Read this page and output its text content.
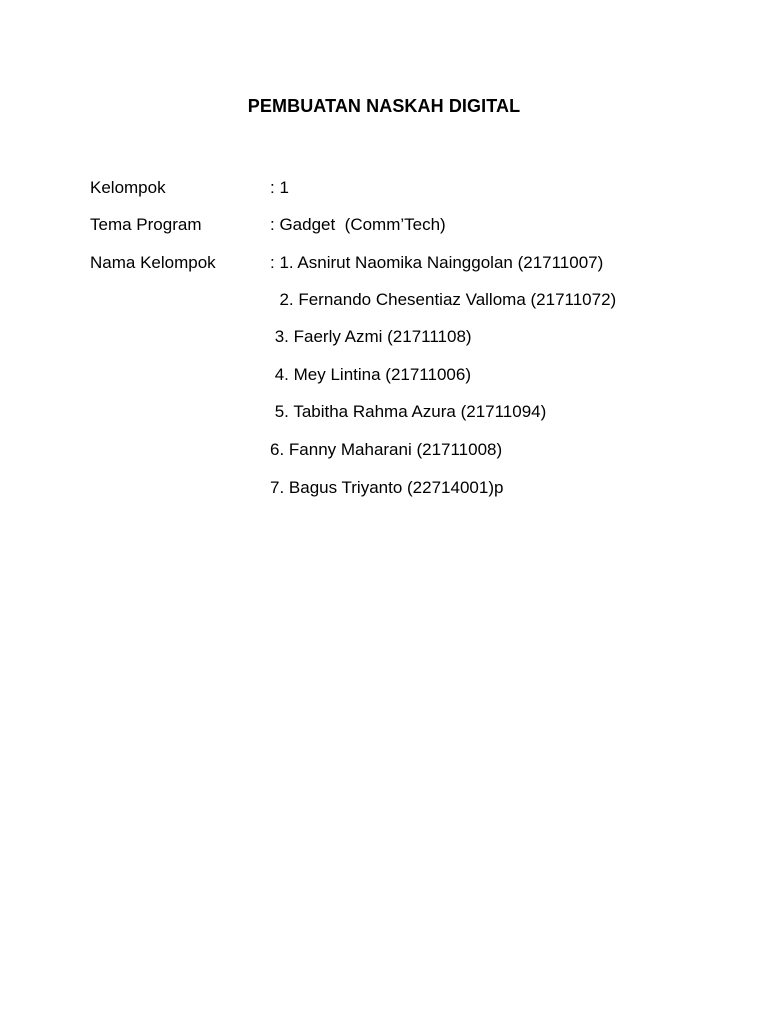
PEMBUATAN NASKAH DIGITAL
Kelompok	: 1
Tema Program	: Gadget  (Comm’Tech)
Nama Kelompok	: 1. Asnirut Naomika Nainggolan (21711007)
2. Fernando Chesentiaz Valloma (21711072)
3. Faerly Azmi (21711108)
4. Mey Lintina (21711006)
5. Tabitha Rahma Azura (21711094)
6. Fanny Maharani (21711008)
7. Bagus Triyanto (22714001)p
